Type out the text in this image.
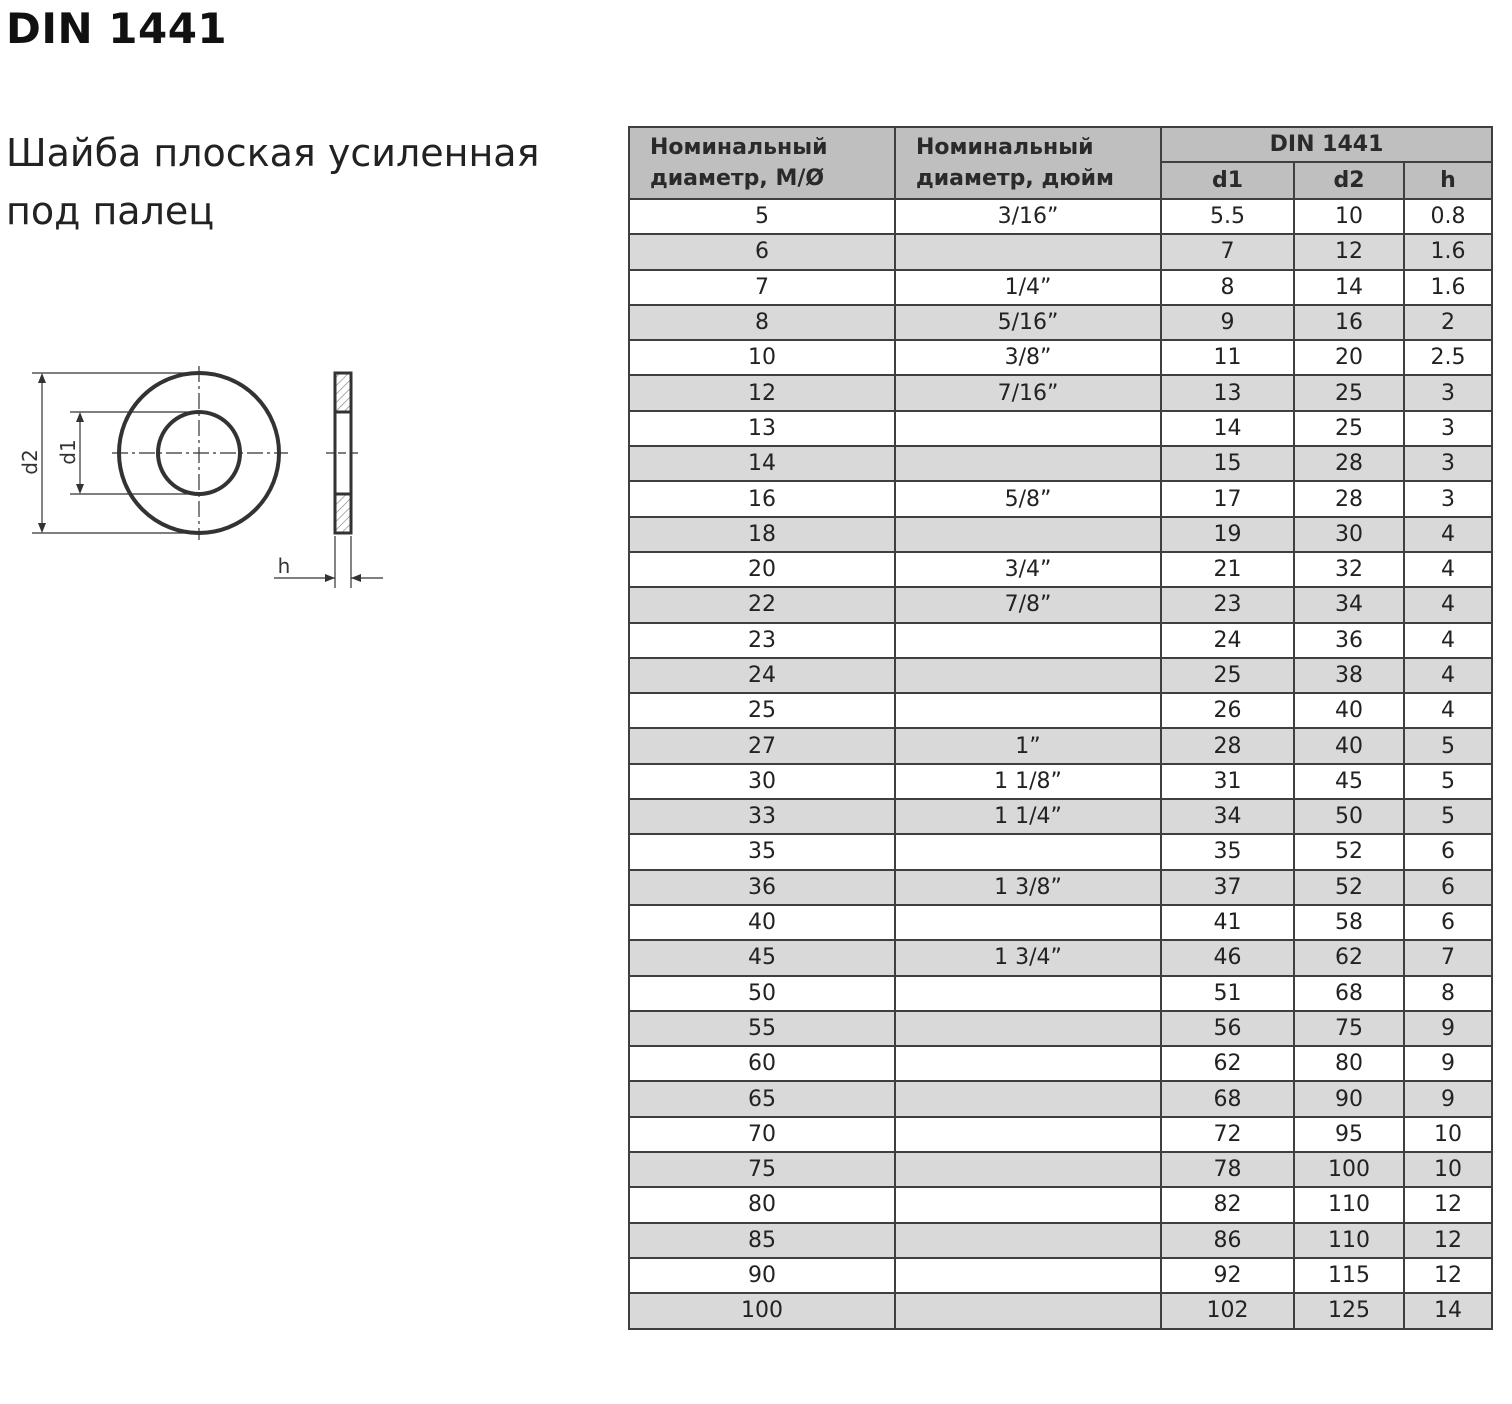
DIN 1441
Шайба плоская усиленная под палец
d2 d1
h
Номинальный диаметр, М/Ø	Номинальный диаметр, дюйм	DIN 1441		
		d1	d2	h
5	3/16”	5.5	10	0.8
6		7	12	1.6
7	1/4”	8	14	1.6
8	5/16”	9	16	2
10	3/8”	11	20	2.5
12	7/16”	13	25	3
13		14	25	3
14		15	28	3
16	5/8”	17	28	3
18		19	30	4
20	3/4”	21	32	4
22	7/8”	23	34	4
23		24	36	4
24		25	38	4
25		26	40	4
27	1”	28	40	5
30	1 1/8”	31	45	5
33	1 1/4”	34	50	5
35		35	52	6
36	1 3/8”	37	52	6
40		41	58	6
45	1 3/4”	46	62	7
50		51	68	8
55		56	75	9
60		62	80	9
65		68	90	9
70		72	95	10
75		78	100	10
80		82	110	12
85		86	110	12
90		92	115	12
100		102	125	14
